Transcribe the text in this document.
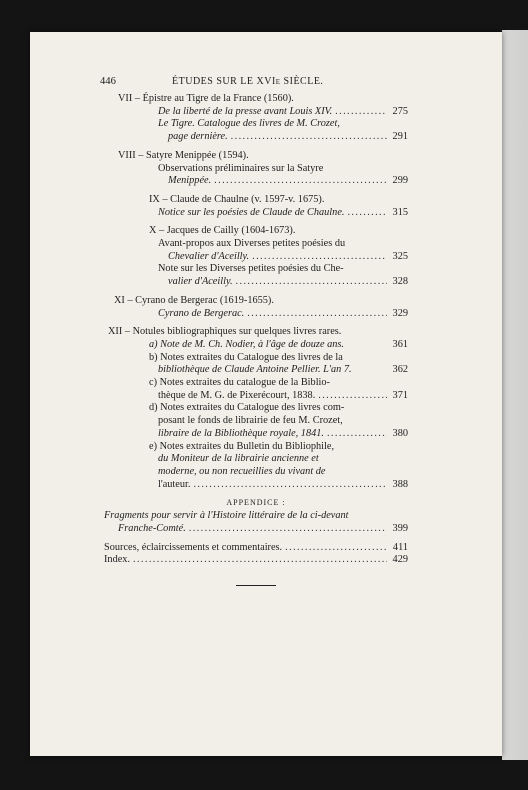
446	ÉTUDES SUR LE XVIe SIÈCLE.
VII – Épistre au Tigre de la France (1560).
De la liberté de la presse avant Louis XIV. . . .	275
Le Tigre. Catalogue des livres de M. Crozet,
page dernière. . . .	291
VIII – Satyre Menippée (1594).
Observations préliminaires sur la Satyre
Menippée. . . .	299
IX – Claude de Chaulne (v. 1597-v. 1675).
Notice sur les poésies de Claude de Chaulne. . . .	315
X – Jacques de Cailly (1604-1673).
Avant-propos aux Diverses petites poésies du
Chevalier d'Aceilly. . . .	325
Note sur les Diverses petites poésies du Che-
valier d'Aceilly. . . .	328
XI – Cyrano de Bergerac (1619-1655).
Cyrano de Bergerac. . . .	329
XII – Notules bibliographiques sur quelques livres rares.
a) Note de M. Ch. Nodier, à l'âge de douze ans.	361
b) Notes extraites du Catalogue des livres de la
bibliothèque de Claude Antoine Pellier. L'an 7.	362
c) Notes extraites du catalogue de la Biblio-
thèque de M. G. de Pixerécourt, 1838. . . .	371
d) Notes extraites du Catalogue des livres com-
posant le fonds de librairie de feu M. Crozet,
libraire de la Bibliothèque royale, 1841. . . .	380
e) Notes extraites du Bulletin du Bibliophile,
du Moniteur de la librairie ancienne et
moderne, ou non recueillies du vivant de
l'auteur. . . .	388
APPENDICE :
Fragments pour servir à l'Histoire littéraire de la ci-devant
Franche-Comté. . . .	399
Sources, éclaircissements et commentaires. . . .	411
Index. . . .	429
